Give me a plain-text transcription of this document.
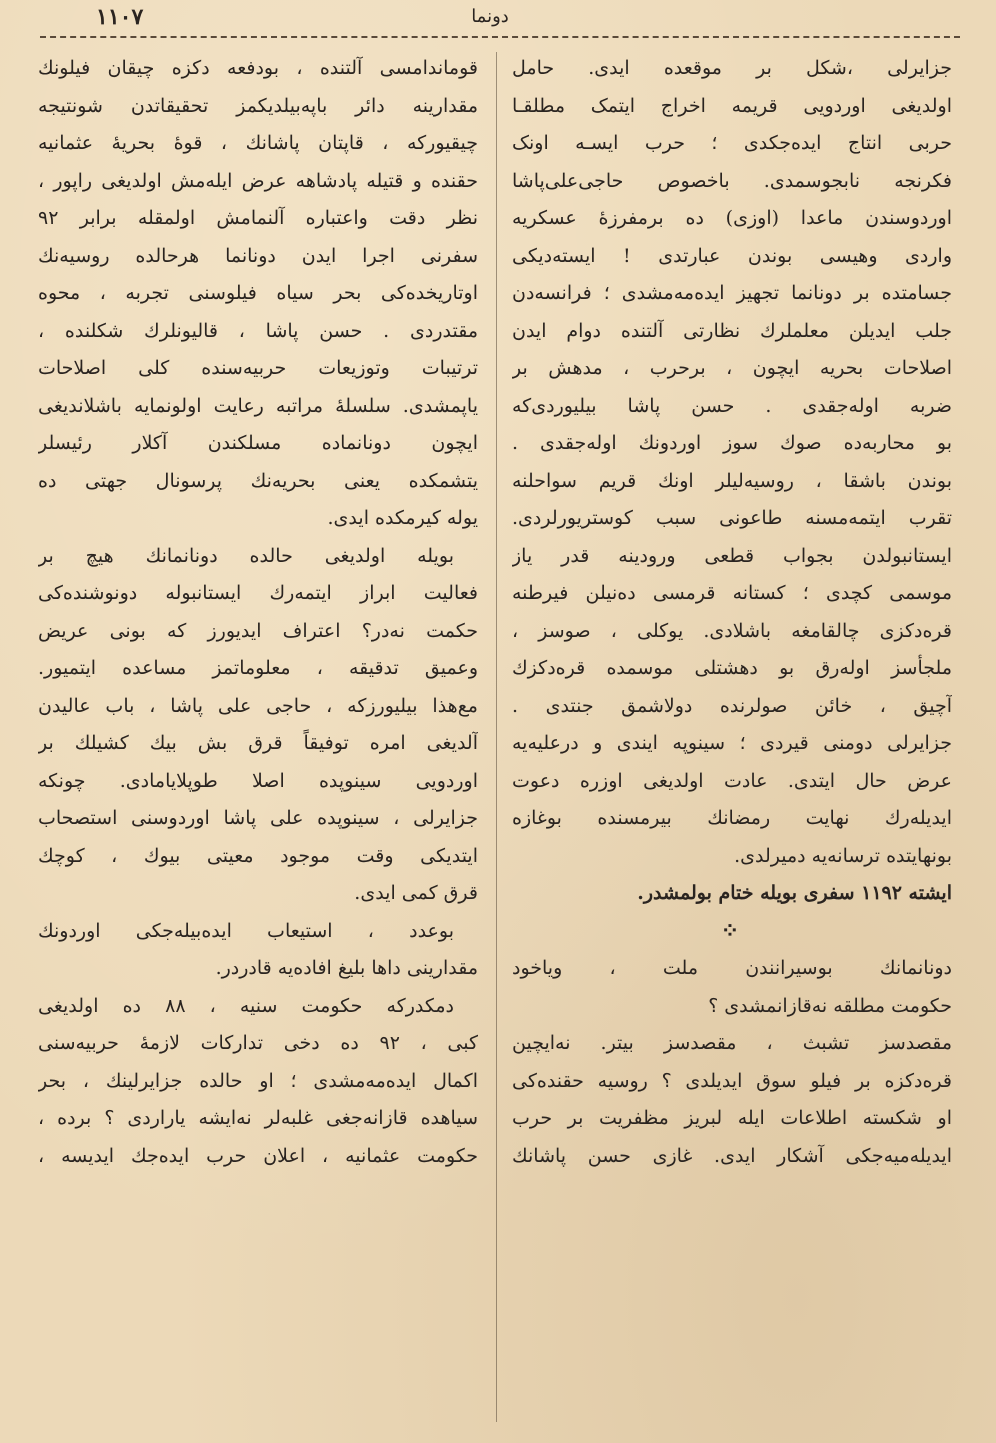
۱۱۰۷	دونما
جزایرلی ،شکل بر موقعده ایدی. حامل
اولدیغی اوردویی قریمه اخراج ایتمک مطلقـا
حربی انتاج ایده‌جکدی ؛ حرب ایسـه اونک
فکرنجه نابجوسمدی. باخصوص حاجی‌علی‌پاشا
اوردوسندن ماعدا (اوزی) ده برمفرزهٔ عسکریه
واردی وهیسی بوندن عبارتدی ! ایسته‌دیکی
جسامتده بر دونانما تجهیز ایده‌مه‌مشدی ؛ فرانسه‌دن
جلب ایدیلن معلملرك نظارتی آلتنده دوام ایدن
اصلاحات بحریه ایچون ، برحرب ، مدهش بر
ضربه اوله‌جقدی . حسن پاشا بیلیوردی‌که
بو محاربه‌ده صوك سوز اوردونك اوله‌جقدی .
بوندن باشقا ، روسیه‌لیلر اونك قریم سواحلنه
تقرب ایتمه‌مسنه طاعونی سبب کوستریورلردی.
ایستانبولدن بجواب قطعی ورودینه قدر یاز
موسمی کچدی ؛ کستانه قرمسی ده‌نیلن فیرطنه
قره‌دکزی چالقامغه باشلادی. یوکلی ، صوسز ،
ملجأسز اوله‌رق بو دهشتلی موسمده قره‌دکزك
آچیق ، خائن صولرنده دولاشمق جنتدی .
جزایرلی دومنی قیردی ؛ سینوپه ایندی و درعلیه‌یه
عرض حال ایتدی. عادت اولدیغی اوزره دعوت
ایدیله‌رك نهایت رمضانك بیرمسنده بوغازه
بونهایتده ترسانه‌یه دمیرلدی.
ایشته ۱۱۹۲ سفری بویله ختام بولمشدر.
⁘
دونانمانك بوسیرانندن ملت ، ویاخود
حکومت مطلقه نه‌قازانمشدی ؟
مقصدسز تشبث ، مقصدسز بیتر. نه‌ایچین
قره‌دکزه بر فیلو سوق ایدیلدی ؟ روسیه حقنده‌کی
او شکسته اطلاعات ایله لبریز مظفریت بر حرب
ایدیله‌میه‌جکی آشکار ایدی. غازی حسن پاشانك
قوماندامسی آلتنده ، بودفعه دکزه چیقان فیلونك
مقدارینه دائر باپه‌بیلدیکمز تحقیقاتدن شونتیجه
چیقیورکه ، قاپتان پاشانك ، قوهٔ بحریهٔ عثمانیه
حقنده و قتیله پادشاهه عرض ایله‌مش اولدیغی راپور ،
نظر دقت واعتباره آلنمامش اولمقله برابر ۹۲
سفرنی اجرا ایدن دونانما هرحالده روسیه‌نك
اوتاریخده‌کی بحر سیاه فیلوسنی تجربه ، محوه
مقتدردی . حسن پاشا ، قالیونلرك شکلنده ،
ترتیبات وتوزیعات حربیه‌سنده کلی اصلاحات
یاپمشدی. سلسلهٔ مراتبه رعایت اولونمایه باشلاندیغی
ایچون دونانماده مسلکندن آکلار رئیسلر
یتشمکده یعنی بحریه‌نك پرسونال جهتی ده
یوله کیرمکده ایدی.
بویله اولدیغی حالده دونانمانك هیچ بر
فعالیت ابراز ایتمه‌رك ایستانبوله دونوشنده‌کی
حکمت نه‌در؟ اعتراف ایدیورز که بونی عریض
وعمیق تدقیقه ، معلوماتمز مساعده ایتمیور.
مع‌هذا بیلیورزکه ، حاجی علی پاشا ، باب عالیدن
آلدیغی امره توفیقاً قرق بش بیك کشیلك بر
اوردویی سینوپده اصلا طوپلایامادی. چونکه
جزایرلی ، سینوپده علی پاشا اوردوسنی استصحاب
ایتدیکی وقت موجود معیتی بیوك ، کوچك
قرق کمی ایدی.
بوعدد ، استیعاب ایده‌بیله‌جکی اوردونك
مقدارینی داها بلیغ افاده‌یه قادردر.
دمکدرکه حکومت سنیه ، ۸۸ ده اولدیغی
کبی ، ۹۲ ده دخی تدارکات لازمهٔ حربیه‌سنی
اکمال ایده‌مه‌مشدی ؛ او حالده جزایرلینك ، بحر
سیاهده قازانه‌جغی غلبه‌لر نه‌ایشه یاراردی ؟ برده ،
حکومت عثمانیه ، اعلان حرب ایده‌جك ایدیسه ،
